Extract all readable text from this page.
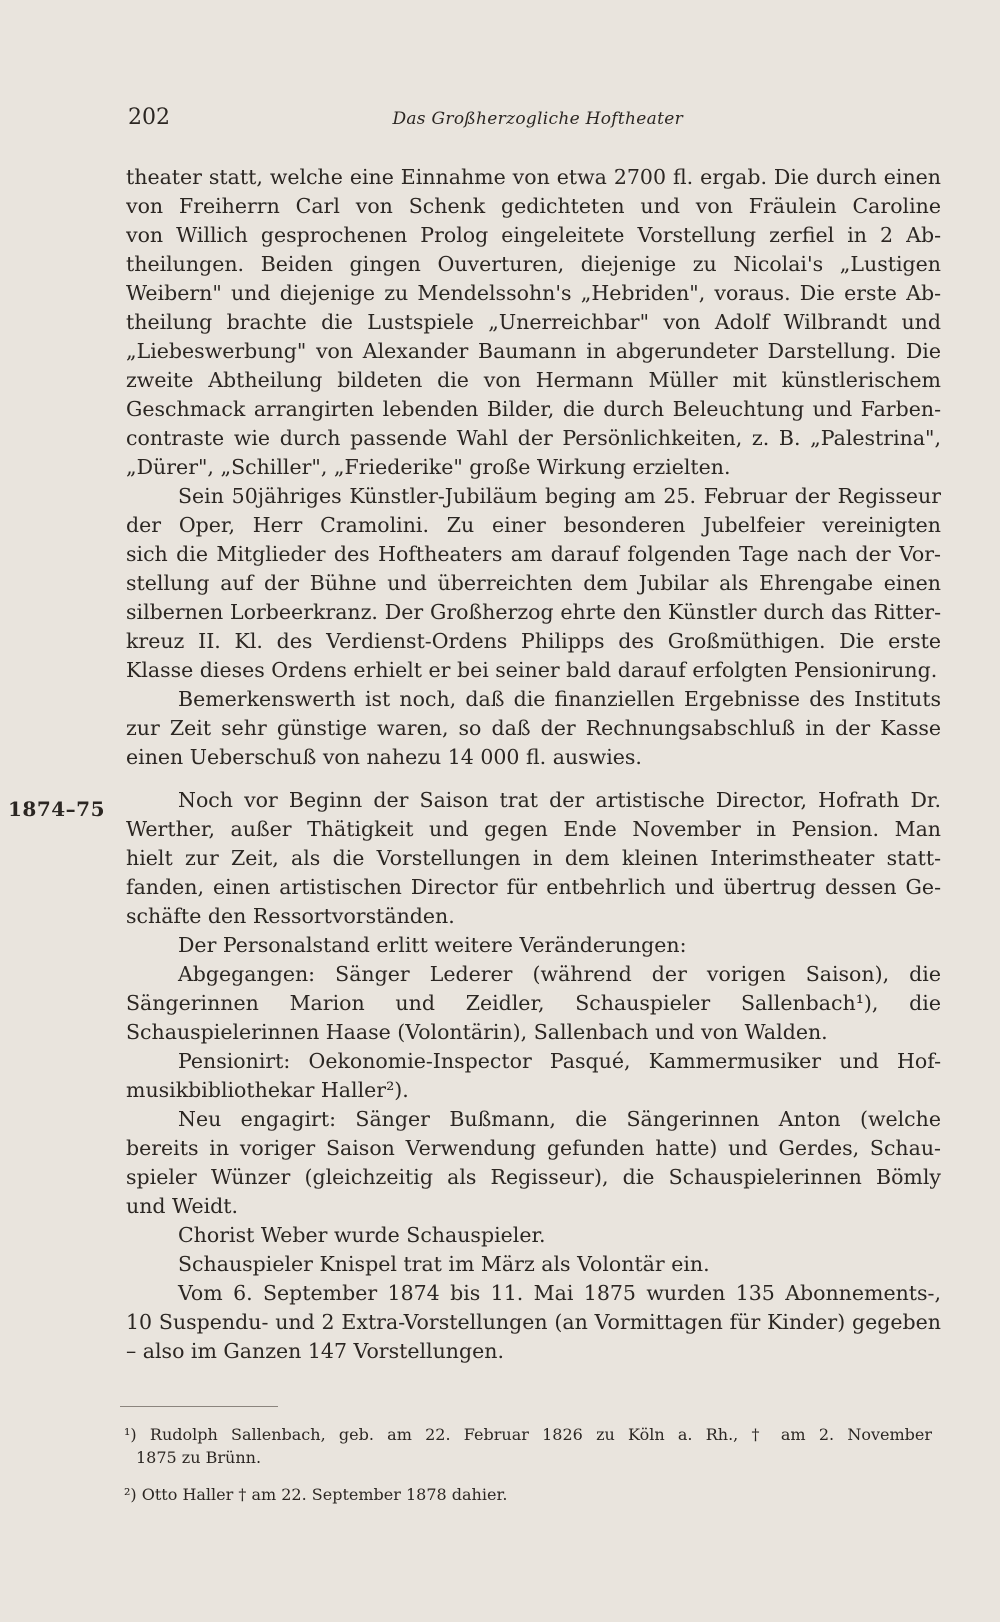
202	Das Großherzogliche Hoftheater
1874–75
theater statt, welche eine Einnahme von etwa 2700 fl. ergab. Die durch einen
von Freiherrn Carl von Schenk gedichteten und von Fräulein Caroline
von Willich gesprochenen Prolog eingeleitete Vorstellung zerfiel in 2 Ab-
theilungen. Beiden gingen Ouverturen, diejenige zu Nicolai's „Lustigen
Weibern" und diejenige zu Mendelssohn's „Hebriden", voraus. Die erste Ab-
theilung brachte die Lustspiele „Unerreichbar" von Adolf Wilbrandt und
„Liebeswerbung" von Alexander Baumann in abgerundeter Darstellung. Die
zweite Abtheilung bildeten die von Hermann Müller mit künstlerischem
Geschmack arrangirten lebenden Bilder, die durch Beleuchtung und Farben-
contraste wie durch passende Wahl der Persönlichkeiten, z. B. „Palestrina",
„Dürer", „Schiller", „Friederike" große Wirkung erzielten.
Sein 50jähriges Künstler-Jubiläum beging am 25. Februar der Regisseur
der Oper, Herr Cramolini. Zu einer besonderen Jubelfeier vereinigten
sich die Mitglieder des Hoftheaters am darauf folgenden Tage nach der Vor-
stellung auf der Bühne und überreichten dem Jubilar als Ehrengabe einen
silbernen Lorbeerkranz. Der Großherzog ehrte den Künstler durch das Ritter-
kreuz II. Kl. des Verdienst-Ordens Philipps des Großmüthigen. Die erste
Klasse dieses Ordens erhielt er bei seiner bald darauf erfolgten Pensionirung.
Bemerkenswerth ist noch, daß die finanziellen Ergebnisse des Instituts
zur Zeit sehr günstige waren, so daß der Rechnungsabschluß in der Kasse
einen Ueberschuß von nahezu 14 000 fl. auswies.
Noch vor Beginn der Saison trat der artistische Director, Hofrath Dr.
Werther, außer Thätigkeit und gegen Ende November in Pension. Man
hielt zur Zeit, als die Vorstellungen in dem kleinen Interimstheater statt-
fanden, einen artistischen Director für entbehrlich und übertrug dessen Ge-
schäfte den Ressortvorständen.
Der Personalstand erlitt weitere Veränderungen:
Abgegangen: Sänger Lederer (während der vorigen Saison), die
Sängerinnen Marion und Zeidler, Schauspieler Sallenbach¹), die
Schauspielerinnen Haase (Volontärin), Sallenbach und von Walden.
Pensionirt: Oekonomie-Inspector Pasqué, Kammermusiker und Hof-
musikbibliothekar Haller²).
Neu engagirt: Sänger Bußmann, die Sängerinnen Anton (welche
bereits in voriger Saison Verwendung gefunden hatte) und Gerdes, Schau-
spieler Wünzer (gleichzeitig als Regisseur), die Schauspielerinnen Bömly
und Weidt.
Chorist Weber wurde Schauspieler.
Schauspieler Knispel trat im März als Volontär ein.
Vom 6. September 1874 bis 11. Mai 1875 wurden 135 Abonnements-,
10 Suspendu- und 2 Extra-Vorstellungen (an Vormittagen für Kinder) gegeben
– also im Ganzen 147 Vorstellungen.
¹) Rudolph Sallenbach, geb. am 22. Februar 1826 zu Köln a. Rh., † am 2. November
1875 zu Brünn.
²) Otto Haller † am 22. September 1878 dahier.
